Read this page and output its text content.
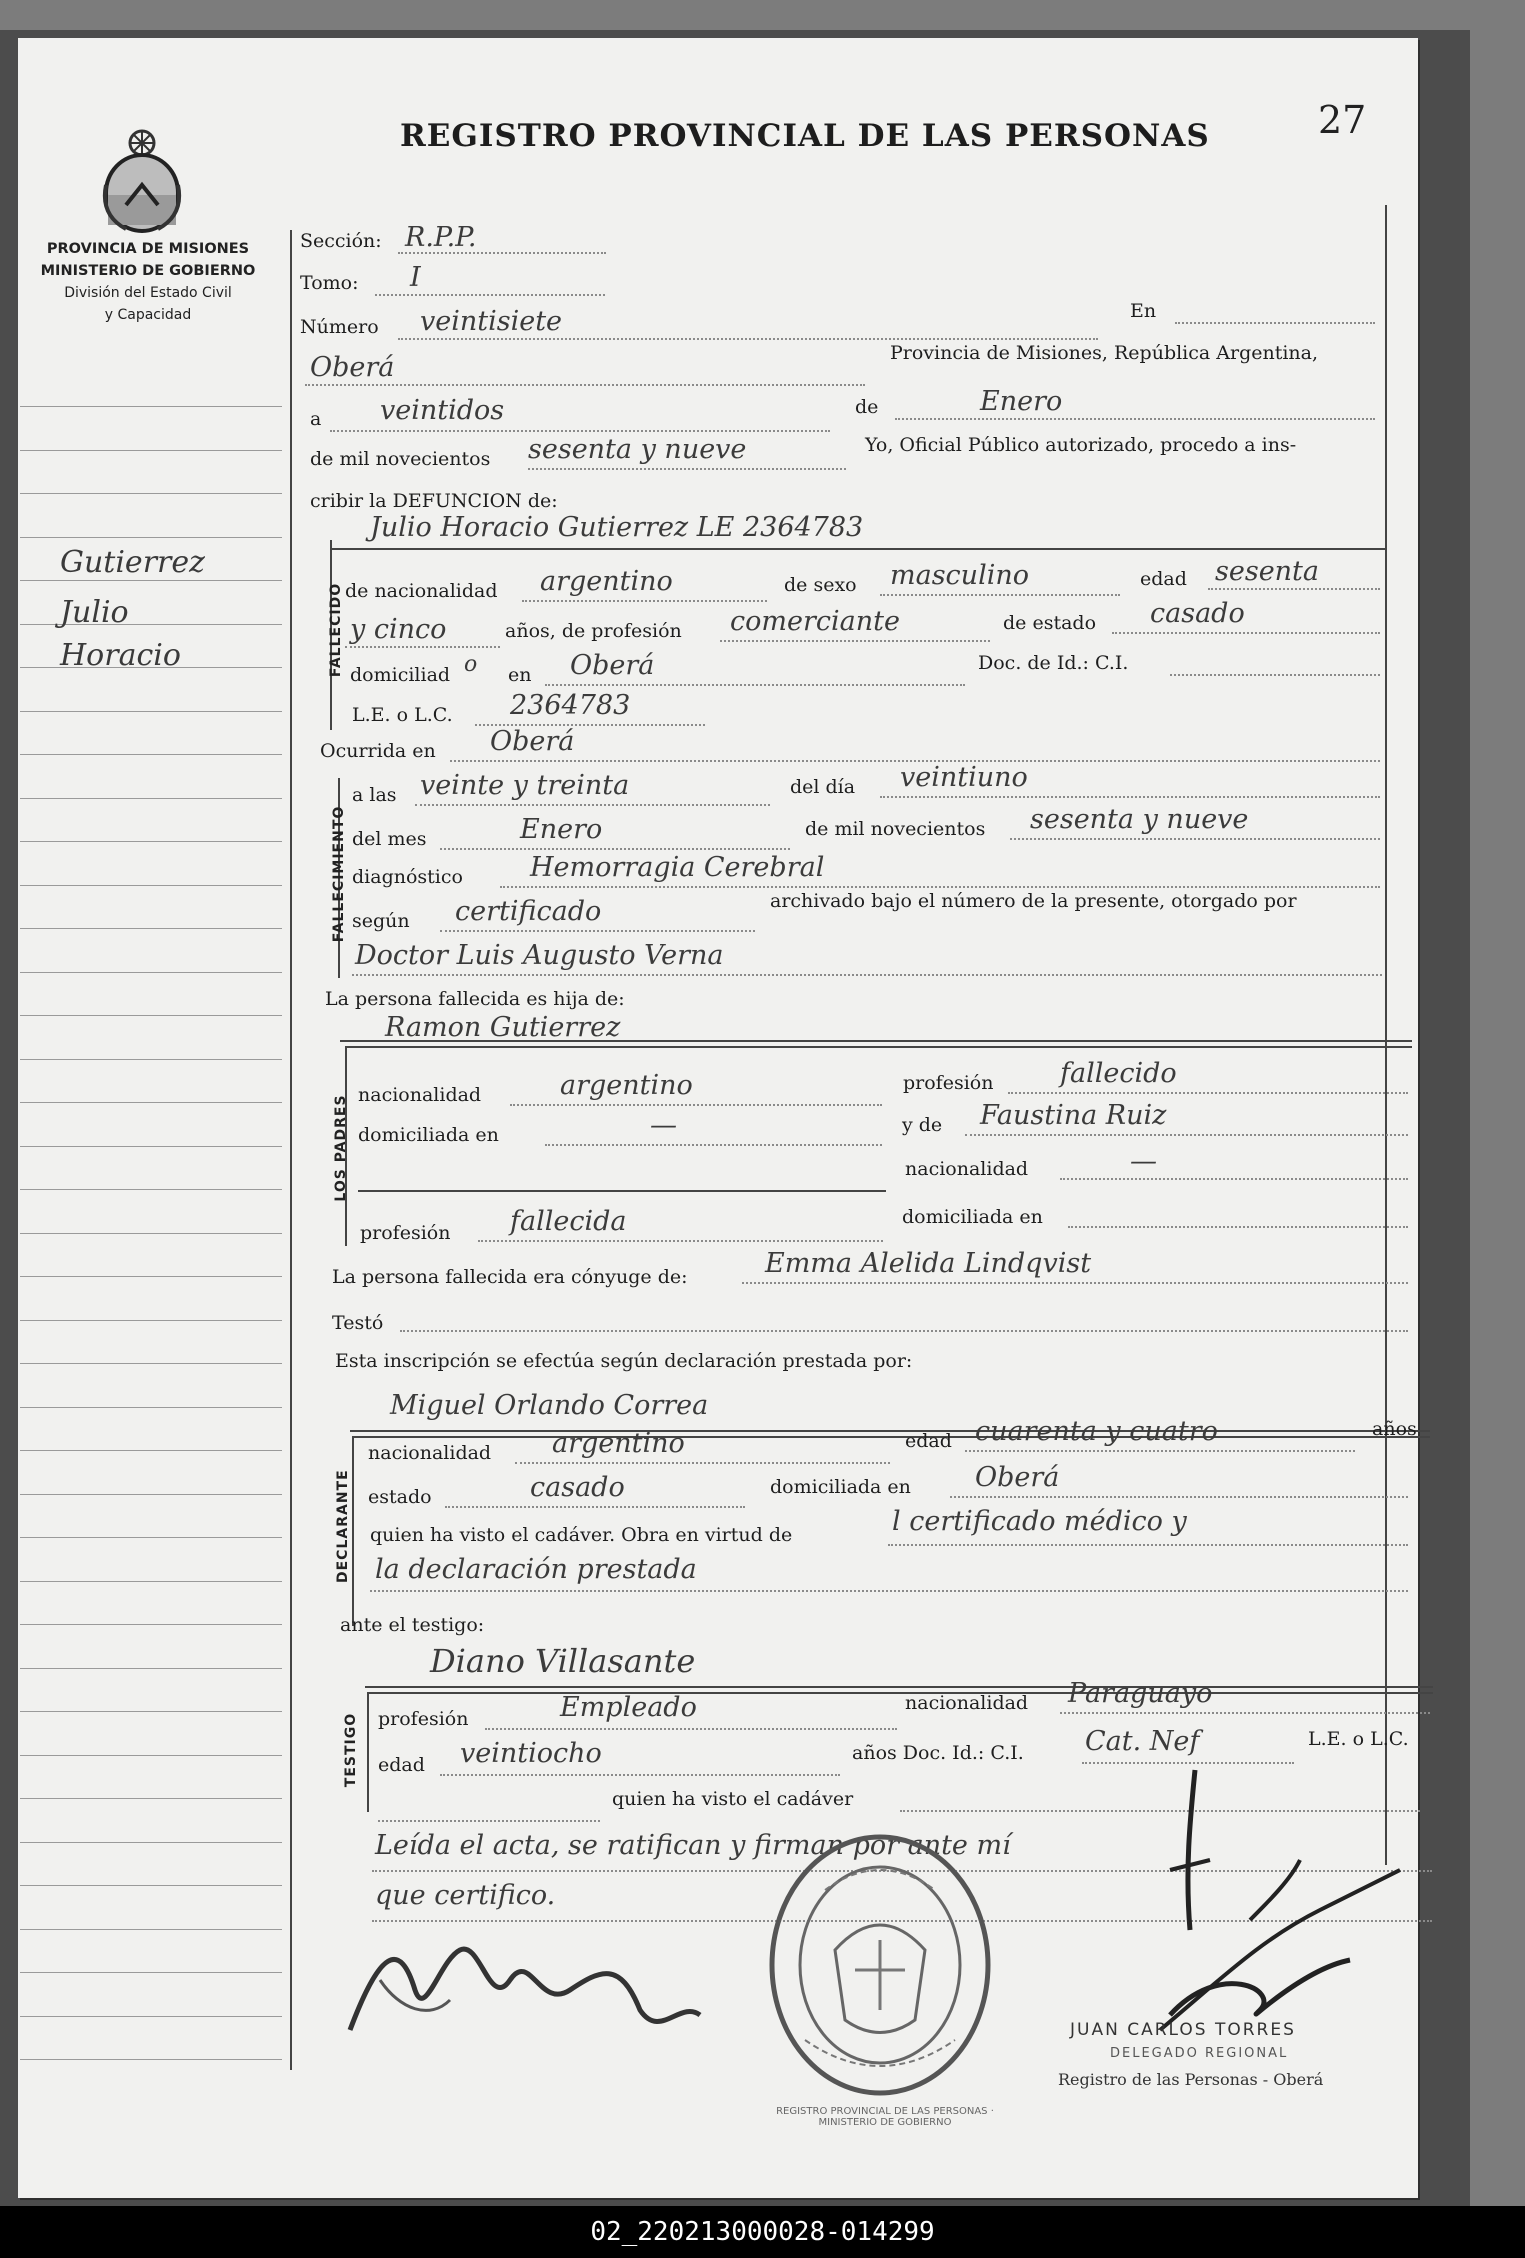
REGISTRO PROVINCIAL DE LAS PERSONAS	27
PROVINCIA DE MISIONES
MINISTERIO DE GOBIERNO
División del Estado Civil
y Capacidad
Gutierrez
Julio
Horacio
Sección: R.P.P.
Tomo: I
Número veintisiete	En
Oberá	Provincia de Misiones, República Argentina,
a veintidos	de	Enero
de mil novecientos sesenta y nueve	Yo, Oficial Público autorizado, procedo a ins-
cribir la DEFUNCION de:
FALLECIDO
Julio Horacio Gutierrez LE 2364783
de nacionalidad argentino	de sexo masculino	edad sesenta
y cinco	años, de profesión comerciante	de estado casado
domiciliad o en Oberá	Doc. de Id.: C.I.
L.E. o L.C. 2364783
Ocurrida en Oberá
FALLECIMIENTO
a las veinte y treinta	del día veintiuno
del mes	Enero	de mil novecientos sesenta y nueve
diagnóstico Hemorragia Cerebral
según certificado	archivado bajo el número de la presente, otorgado por
Doctor Luis Augusto Verna
La persona fallecida es hija de:
Ramon Gutierrez
LOS PADRES nacionalidad	argentino	profesión fallecido
domiciliada en	—	y de Faustina Ruiz
nacionalidad	—
profesión fallecida	domiciliada en
La persona fallecida era cónyuge de:	Emma Alelida Lindqvist
Testó
Esta inscripción se efectúa según declaración prestada por:
Miguel Orlando Correa
DECLARANTE
nacionalidad argentino	edad cuarenta y cuatro	años
estado	casado	domiciliada en Oberá
quien ha visto el cadáver. Obra en virtud de	l certificado médico y
la declaración prestada
ante el testigo:
Diano Villasante
TESTIGO profesión	Empleado	nacionalidad Paraguayo
edad veintiocho	años Doc. Id.: C.I. Cat. Nef	L.E. o L.C.
quien ha visto el cadáver
Leída el acta, se ratifican y firman por ante mí
que certifico.
REGISTRO PROVINCIAL DE LAS PERSONAS · MINISTERIO DE GOBIERNO
JUAN CARLOS TORRES
DELEGADO REGIONAL
Registro de las Personas - Oberá
02_220213000028-014299
